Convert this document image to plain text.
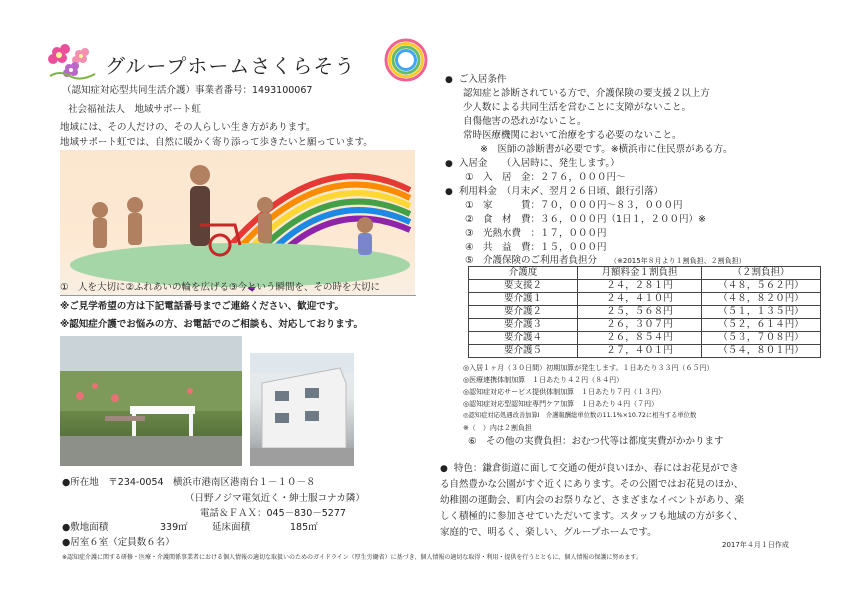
グループホームさくらそう
（認知症対応型共同生活介護）事業者番号：1493100067
社会福祉法人　地域サポート虹
地域には、その人だけの、その人らしい生き方があります。
地域サポート虹では、自然に暖かく寄り添って歩きたいと願っています。
①　人を大切に②ふれあいの輪を広げる③今という瞬間を、その時を大切に
※ご見学希望の方は下記電話番号までご連絡ください、歓迎です。
※認知症介護でお悩みの方、お電話でのご相談も、対応しております。
●所在地　〒234-0054　横浜市港南区港南台１－１０－８
（日野ノジマ電気近く・紳士服コナカ隣）
電話＆ＦＡＸ：045－830－5277
●敷地面積	339㎡	延床面積	185㎡
●居室６室（定員数６名）
※認知症介護に関する研修・医療・介護関係事業者における個人情報の適切な取扱いのためのガイドライン（厚生労働省）に基づき、個人情報の適切な取得・利用・提供を行うとともに、個人情報の保護に努めます。
● ご入居条件
認知症と診断されている方で、介護保険の要支援２以上方
少人数による共同生活を営むことに支障がないこと。
自傷他害の恐れがないこと。
常時医療機関において治療をする必要のないこと。
※　医師の診断書が必要です。※横浜市に住民票がある方。
● 入居金　　（入居時に、発生します。）
①　入　居　金：２７６，０００円～
● 利用料金　（月末〆、翌月２６日頃、銀行引落）
①　家　　　賃：７０，０００円～８３，０００円
②　食　材　費：３６，０００円（1日１，２００円）※
③　光熱水費　：１７，０００円
④　共　益　費：１５，０００円
⑤　介護保険のご利用者負担分 （※2015年８月より１割負担、２割負担）
介護度	月額料金１割負担	（２割負担）
要支援２	２４，２８１円	（４８，５６２円）
要介護１	２４，４１０円	（４８，８２０円）
要介護２	２５，５６８円	（５１，１３５円）
要介護３	２６，３０７円	（５２，６１４円）
要介護４	２６，８５４円	（５３，７０８円）
要介護５	２７，４０１円	（５４，８０１円）
◎入居１ヶ月（３０日間）初期加算が発生します。１日あたり３３円（６５円）
◎医療連携体制加算　１日あたり４２円（８４円）
◎認知症対応サービス提供体制加算　１日あたり７円（１３円）
◎認知症対応型認知症専門ケア加算　１日あたり４円（７円）
◎認知症対応処遇改善加算Ⅰ　介護報酬総単位数の11.1%×10.72に相当する単位数
※（　）内は２割負担
⑥　その他の実費負担：おむつ代等は都度実費がかかります
● 特色：鎌倉街道に面して交通の便が良いほか、春にはお花見ができ
る自然豊かな公園がすぐ近くにあります。その公園ではお花見のほか、
幼稚園の運動会、町内会のお祭りなど、さまざまなイベントがあり、楽
しく積極的に参加させていただいてます。スタッフも地域の方が多く、
家庭的で、明るく、楽しい、グループホームです。
2017年４月１日作成
